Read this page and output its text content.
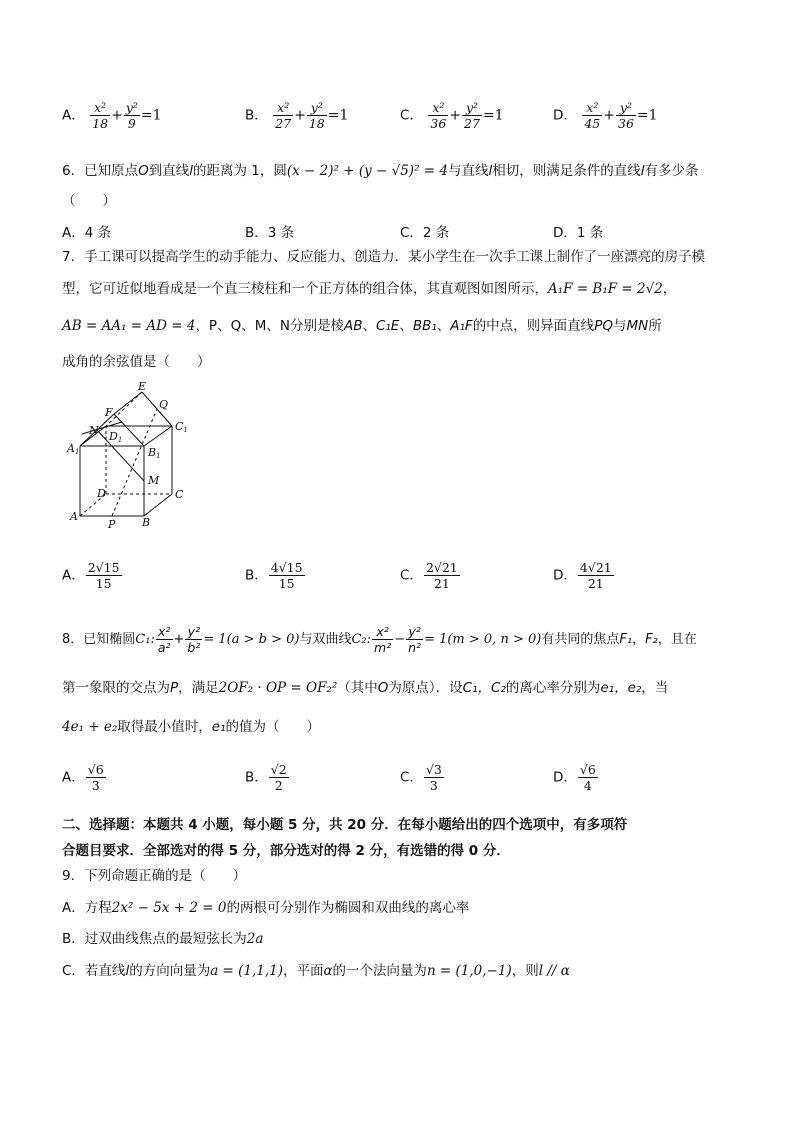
A． $\frac{\text{x²}}{18} + \frac{\text{y²}}{9} =1$	B． $\frac{\text{x²}}{27} + \frac{\text{y²}}{18} =1$	C． $\frac{\text{x²}}{36} + \frac{\text{y²}}{27} =1$	D． $\frac{\text{x²}}{45} + \frac{\text{y²}}{36} =1$
6．已知原点O到直线l的距离为 1，圆(x − 2)² + (y − √5)² = 4与直线l相切，则满足条件的直线l有多少条
（　　）
A．4 条	B．3 条	C．2 条	D．1 条
7．手工课可以提高学生的动手能力、反应能力、创造力．某小学生在一次手工课上制作了一座漂亮的房子模
型，它可近似地看成是一个直三棱柱和一个正方体的组合体，其直观图如图所示，A₁F = B₁F = 2√2，
AB = AA₁ = AD = 4，P、Q、M、N分别是棱AB、C₁E、BB₁、A₁F的中点，则异面直线PQ与MN所
成角的余弦值是（　　）
E
Q
F
N D1
C1
A1	B1
M
D	C
A
P B
A． $\frac{2√15}{15}$	B． $\frac{4√15}{15}$	C． $\frac{2√21}{21}$	D． $\frac{4√21}{21}$
8．已知椭圆C₁: $\frac{\text{x²}}{\text{a²}} + \frac{\text{y²}}{\text{b²}} = 1(a > b > 0)$与双曲线C₂: $\frac{\text{x²}}{\text{m²}} - \frac{\text{y²}}{\text{n²}} = 1(m > 0$, n > 0)有共同的焦点F₁，F₂，且在
第一象限的交点为P，满足2OF₂ · OP = OF₂²（其中O为原点）．设C₁，C₂的离心率分别为e₁，e₂，当
4e₁ + e₂取得最小值时，e₁的值为（　　）
A． $\frac{√6}{3}$	B． $\frac{√2}{2}$	C． $\frac{√3}{3}$	D． $\frac{√6}{4}$
二、选择题：本题共 4 小题，每小题 5 分，共 20 分．在每小题给出的四个选项中，有多项符
合题目要求．全部选对的得 5 分，部分选对的得 2 分，有选错的得 0 分．
9．下列命题正确的是（　　）
A．方程2x² − 5x + 2 = 0的两根可分别作为椭圆和双曲线的离心率
B．过双曲线焦点的最短弦长为2a
C．若直线l的方向向量为a = (1,1,1)，平面α的一个法向量为n = (1,0,−1)，则l // α
